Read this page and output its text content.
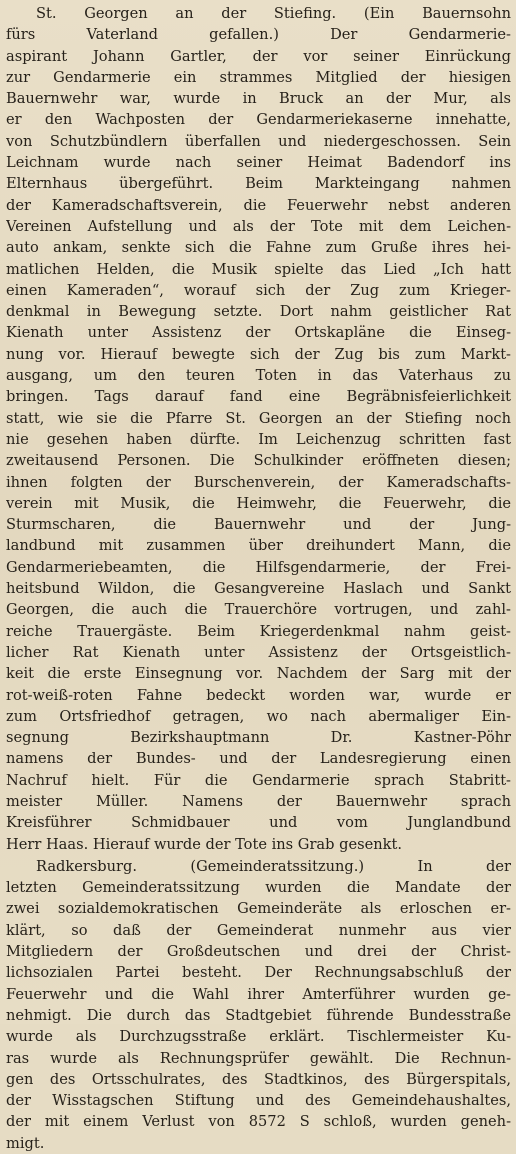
St. Georgen an der Stiefing. (Ein Bauernsohn
fürs Vaterland gefallen.) Der Gendarmerie-
aspirant Johann Gartler, der vor seiner Einrückung
zur Gendarmerie ein strammes Mitglied der hiesigen
Bauernwehr war, wurde in Bruck an der Mur, als
er den Wachposten der Gendarmeriekaserne innehatte,
von Schutzbündlern überfallen und niedergeschossen. Sein
Leichnam wurde nach seiner Heimat Badendorf ins
Elternhaus übergeführt. Beim Markteingang nahmen
der Kameradschaftsverein, die Feuerwehr nebst anderen
Vereinen Aufstellung und als der Tote mit dem Leichen-
auto ankam, senkte sich die Fahne zum Gruße ihres hei-
matlichen Helden, die Musik spielte das Lied „Ich hatt
einen Kameraden“, worauf sich der Zug zum Krieger-
denkmal in Bewegung setzte. Dort nahm geistlicher Rat
Kienath unter Assistenz der Ortskapläne die Einseg-
nung vor. Hierauf bewegte sich der Zug bis zum Markt-
ausgang, um den teuren Toten in das Vaterhaus zu
bringen. Tags darauf fand eine Begräbnisfeierlichkeit
statt, wie sie die Pfarre St. Georgen an der Stiefing noch
nie gesehen haben dürfte. Im Leichenzug schritten fast
zweitausend Personen. Die Schulkinder eröffneten diesen;
ihnen folgten der Burschenverein, der Kameradschafts-
verein mit Musik, die Heimwehr, die Feuerwehr, die
Sturmscharen, die Bauernwehr und der Jung-
landbund mit zusammen über dreihundert Mann, die
Gendarmeriebeamten, die Hilfsgendarmerie, der Frei-
heitsbund Wildon, die Gesangvereine Haslach und Sankt
Georgen, die auch die Trauerchöre vortrugen, und zahl-
reiche Trauergäste. Beim Kriegerdenkmal nahm geist-
licher Rat Kienath unter Assistenz der Ortsgeistlich-
keit die erste Einsegnung vor. Nachdem der Sarg mit der
rot-weiß-roten Fahne bedeckt worden war, wurde er
zum Ortsfriedhof getragen, wo nach abermaliger Ein-
segnung Bezirkshauptmann Dr. Kastner-Pöhr
namens der Bundes- und der Landesregierung einen
Nachruf hielt. Für die Gendarmerie sprach Stabritt-
meister Müller. Namens der Bauernwehr sprach
Kreisführer Schmidbauer und vom Junglandbund
Herr Haas. Hierauf wurde der Tote ins Grab gesenkt.
Radkersburg. (Gemeinderatssitzung.) In der
letzten Gemeinderatssitzung wurden die Mandate der
zwei sozialdemokratischen Gemeinderäte als erloschen er-
klärt, so daß der Gemeinderat nunmehr aus vier
Mitgliedern der Großdeutschen und drei der Christ-
lichsozialen Partei besteht. Der Rechnungsabschluß der
Feuerwehr und die Wahl ihrer Amterführer wurden ge-
nehmigt. Die durch das Stadtgebiet führende Bundesstraße
wurde als Durchzugsstraße erklärt. Tischlermeister Ku-
ras wurde als Rechnungsprüfer gewählt. Die Rechnun-
gen des Ortsschulrates, des Stadtkinos, des Bürgerspitals,
der Wisstagschen Stiftung und des Gemeindehaushaltes,
der mit einem Verlust von 8572 S schloß, wurden geneh-
migt.
